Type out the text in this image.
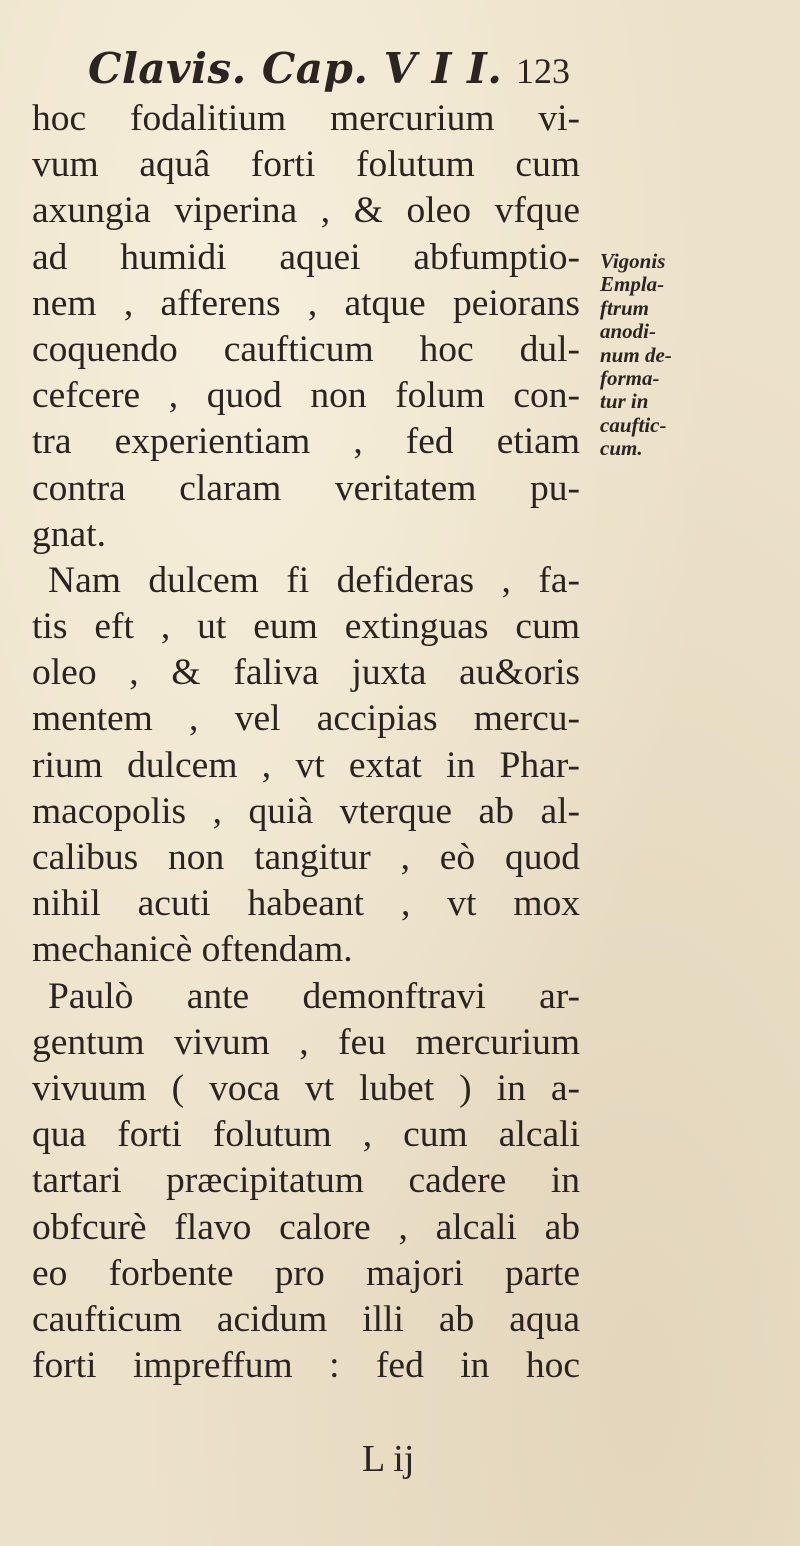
Clavis. Cap. V I I. 123
hoc fodalitium mercurium vi-
vum aquâ forti folutum cum
axungia viperina , & oleo vfque
ad humidi aquei abfumptio-
nem , afferens , atque peiorans
coquendo caufticum hoc dul-
cefcere , quod non folum con-
tra experientiam , fed etiam
contra claram veritatem pu-
gnat.
Nam dulcem fi defideras , fa-
tis eft , ut eum extinguas cum
oleo , & faliva juxta au&oris
mentem , vel accipias mercu-
rium dulcem , vt extat in Phar-
macopolis , quià vterque ab al-
calibus non tangitur , eò quod
nihil acuti habeant , vt mox
mechanicè oftendam.
Paulò ante demonftravi ar-
gentum vivum , feu mercurium
vivuum ( voca vt lubet ) in a-
qua forti folutum , cum alcali
tartari præcipitatum cadere in
obfcurè flavo calore , alcali ab
eo forbente pro majori parte
caufticum acidum illi ab aqua
forti impreffum : fed in hoc
Vigonis
Empla-
ftrum
anodi-
num de-
forma-
tur in
cauftic-
cum.
L ij
